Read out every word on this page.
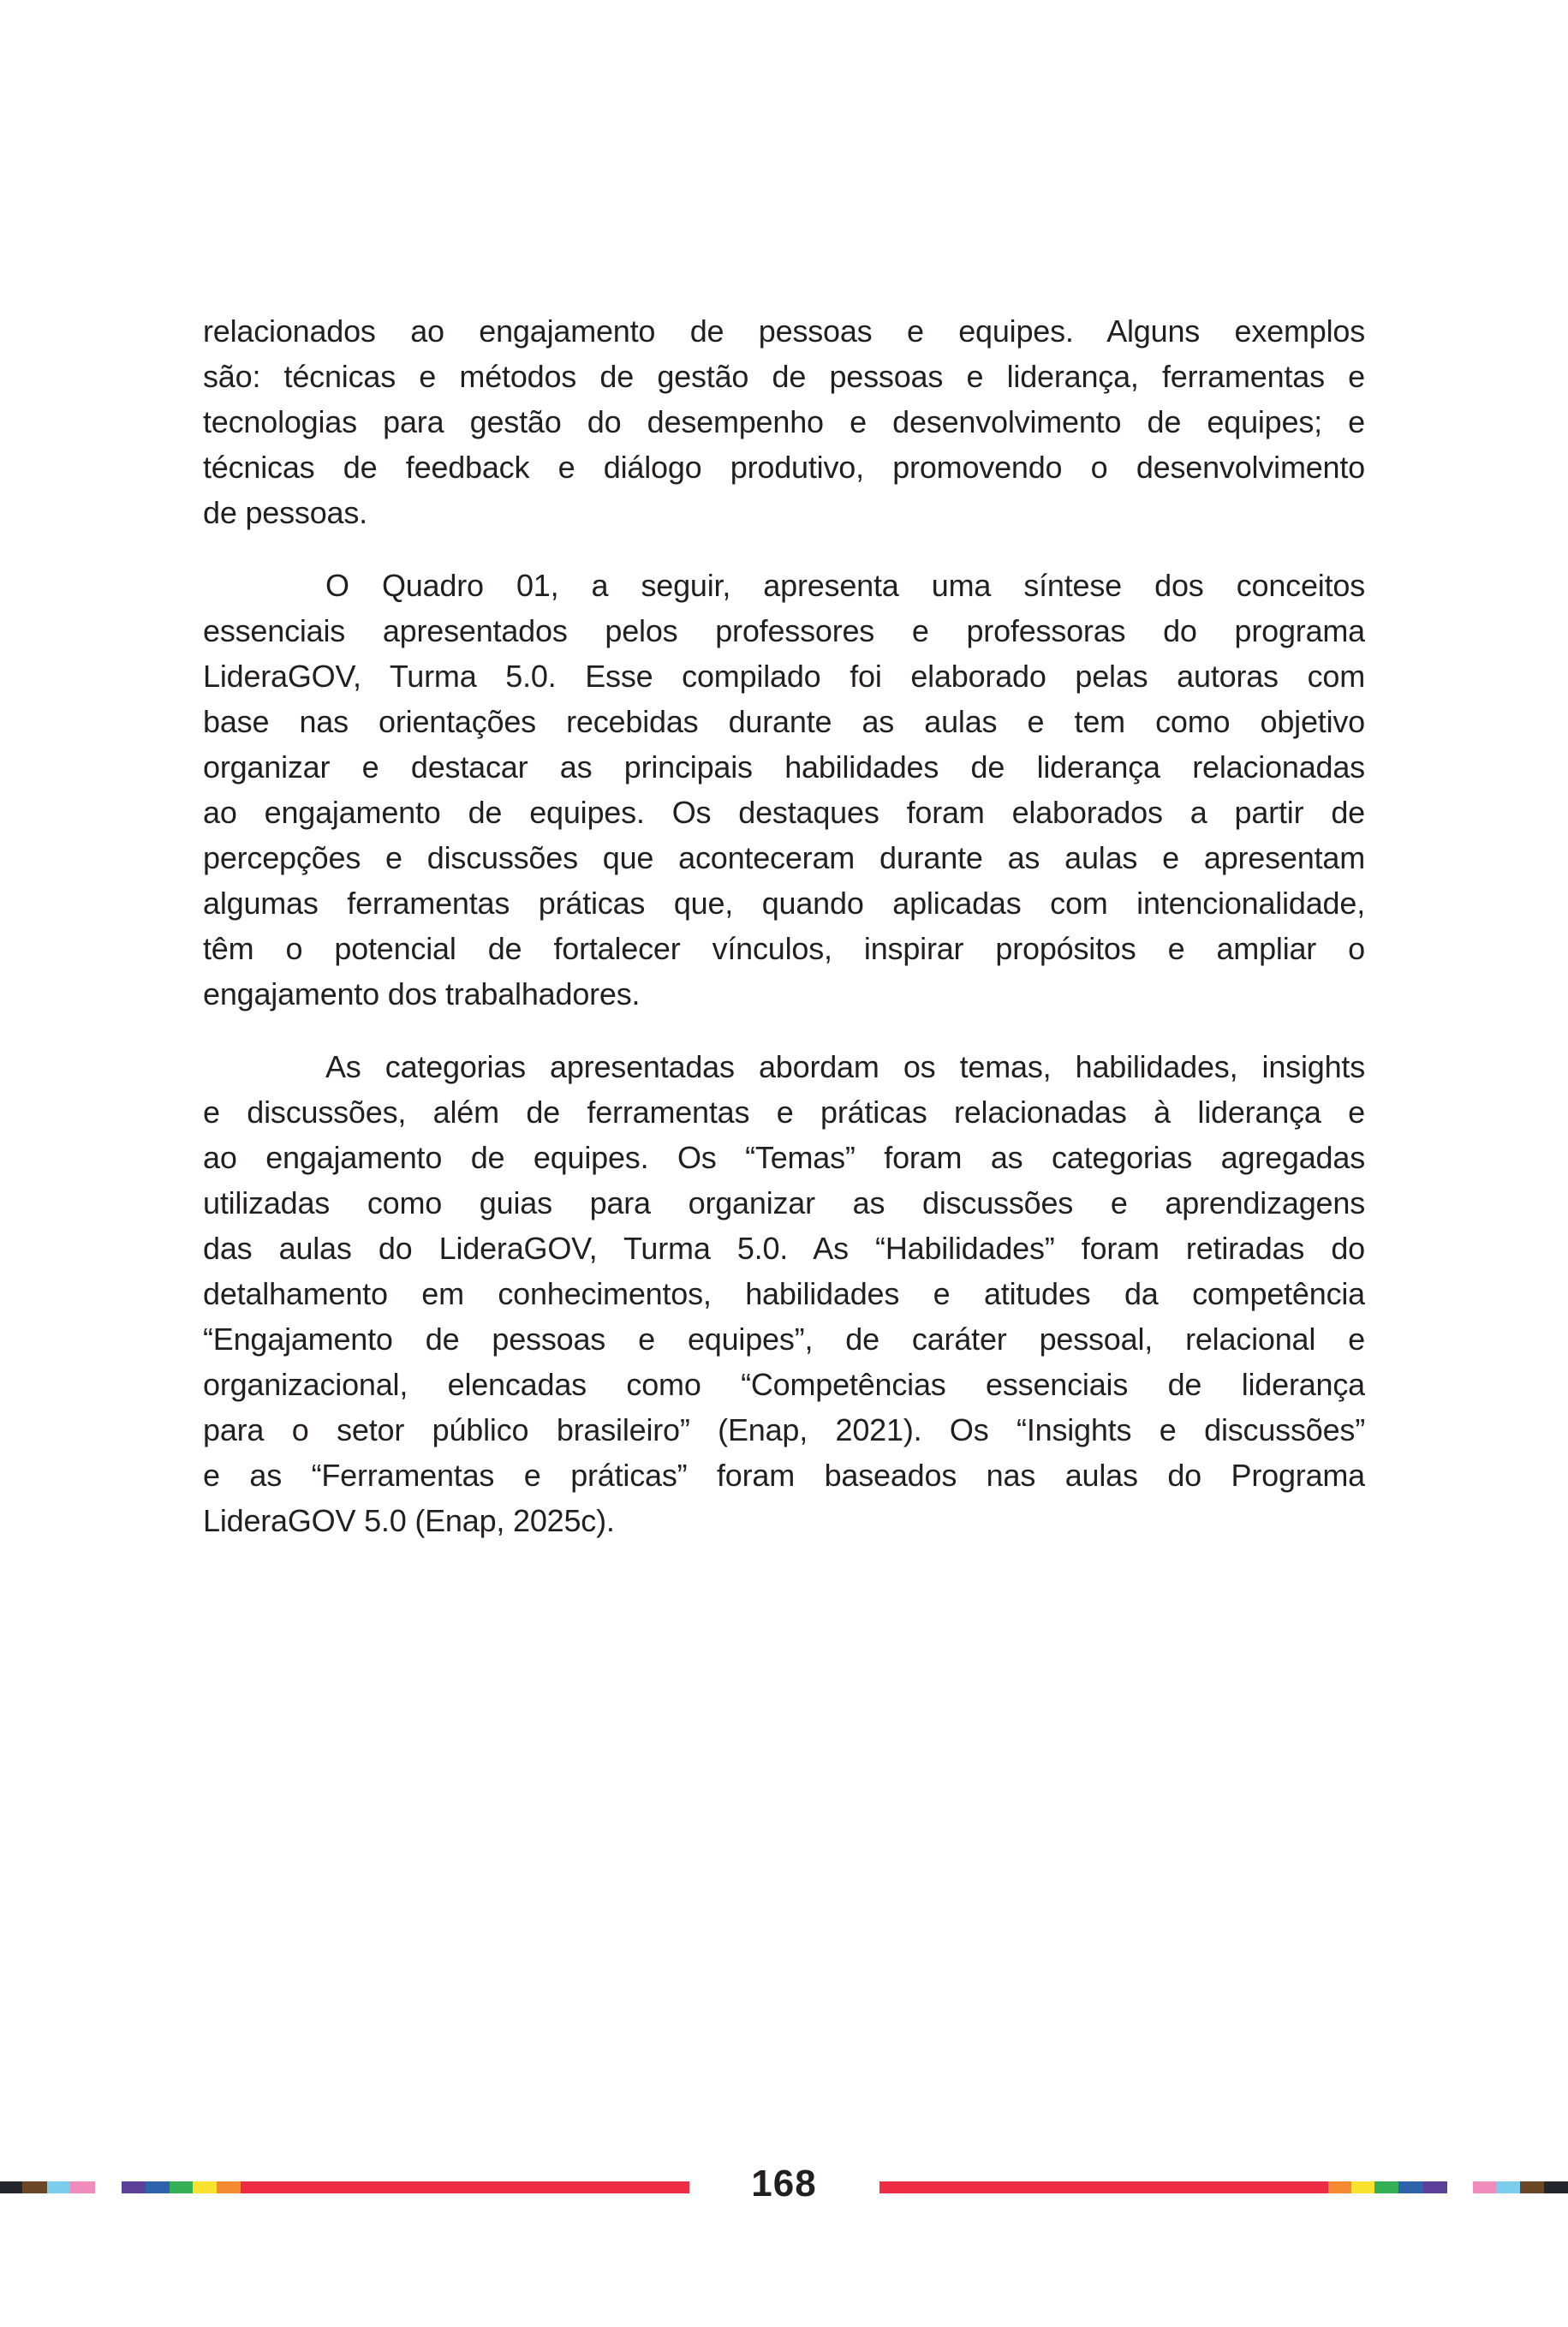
relacionados ao engajamento de pessoas e equipes. Alguns exemplos
são: técnicas e métodos de gestão de pessoas e liderança, ferramentas e
tecnologias para gestão do desempenho e desenvolvimento de equipes; e
técnicas de feedback e diálogo produtivo, promovendo o desenvolvimento
de pessoas.
O Quadro 01, a seguir, apresenta uma síntese dos conceitos
essenciais apresentados pelos professores e professoras do programa
LideraGOV, Turma 5.0. Esse compilado foi elaborado pelas autoras com
base nas orientações recebidas durante as aulas e tem como objetivo
organizar e destacar as principais habilidades de liderança relacionadas
ao engajamento de equipes. Os destaques foram elaborados a partir de
percepções e discussões que aconteceram durante as aulas e apresentam
algumas ferramentas práticas que, quando aplicadas com intencionalidade,
têm o potencial de fortalecer vínculos, inspirar propósitos e ampliar o
engajamento dos trabalhadores.
As categorias apresentadas abordam os temas, habilidades, insights
e discussões, além de ferramentas e práticas relacionadas à liderança e
ao engajamento de equipes. Os “Temas” foram as categorias agregadas
utilizadas como guias para organizar as discussões e aprendizagens
das aulas do LideraGOV, Turma 5.0. As “Habilidades” foram retiradas do
detalhamento em conhecimentos, habilidades e atitudes da competência
“Engajamento de pessoas e equipes”, de caráter pessoal, relacional e
organizacional, elencadas como “Competências essenciais de liderança
para o setor público brasileiro” (Enap, 2021). Os “Insights e discussões”
e as “Ferramentas e práticas” foram baseados nas aulas do Programa
LideraGOV 5.0 (Enap, 2025c).
168
